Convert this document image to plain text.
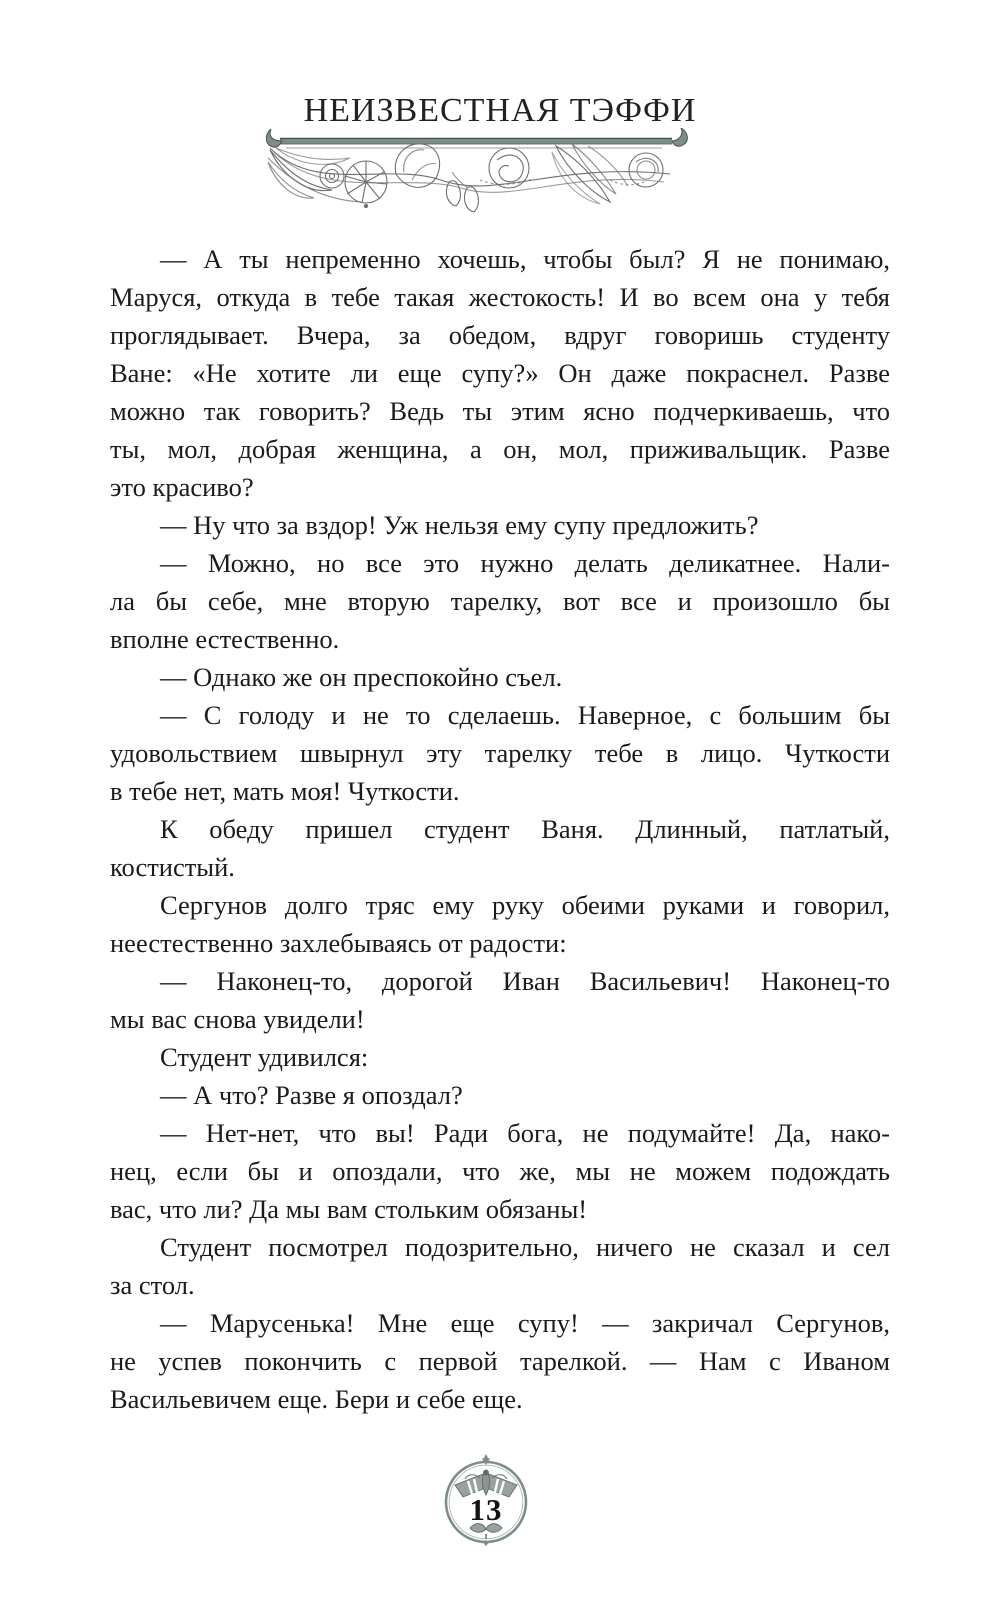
НЕИЗВЕСТНАЯ ТЭФФИ
— А ты непременно хочешь, чтобы был? Я не понимаю,
Маруся, откуда в тебе такая жестокость! И во всем она у тебя
проглядывает. Вчера, за обедом, вдруг говоришь студенту
Ване: «Не хотите ли еще супу?» Он даже покраснел. Разве
можно так говорить? Ведь ты этим ясно подчеркиваешь, что
ты, мол, добрая женщина, а он, мол, приживальщик. Разве
это красиво?
— Ну что за вздор! Уж нельзя ему супу предложить?
— Можно, но все это нужно делать деликатнее. Нали-
ла бы себе, мне вторую тарелку, вот все и произошло бы
вполне естественно.
— Однако же он преспокойно съел.
— С голоду и не то сделаешь. Наверное, с большим бы
удовольствием швырнул эту тарелку тебе в лицо. Чуткости
в тебе нет, мать моя! Чуткости.
К обеду пришел студент Ваня. Длинный, патлатый,
костистый.
Сергунов долго тряс ему руку обеими руками и говорил,
неестественно захлебываясь от радости:
— Наконец-то, дорогой Иван Васильевич! Наконец-то
мы вас снова увидели!
Студент удивился:
— А что? Разве я опоздал?
— Нет-нет, что вы! Ради бога, не подумайте! Да, нако-
нец, если бы и опоздали, что же, мы не можем подождать
вас, что ли? Да мы вам стольким обязаны!
Студент посмотрел подозрительно, ничего не сказал и сел
за стол.
— Марусенька! Мне еще супу! — закричал Сергунов,
не успев покончить с первой тарелкой. — Нам с Иваном
Васильевичем еще. Бери и себе еще.
13
